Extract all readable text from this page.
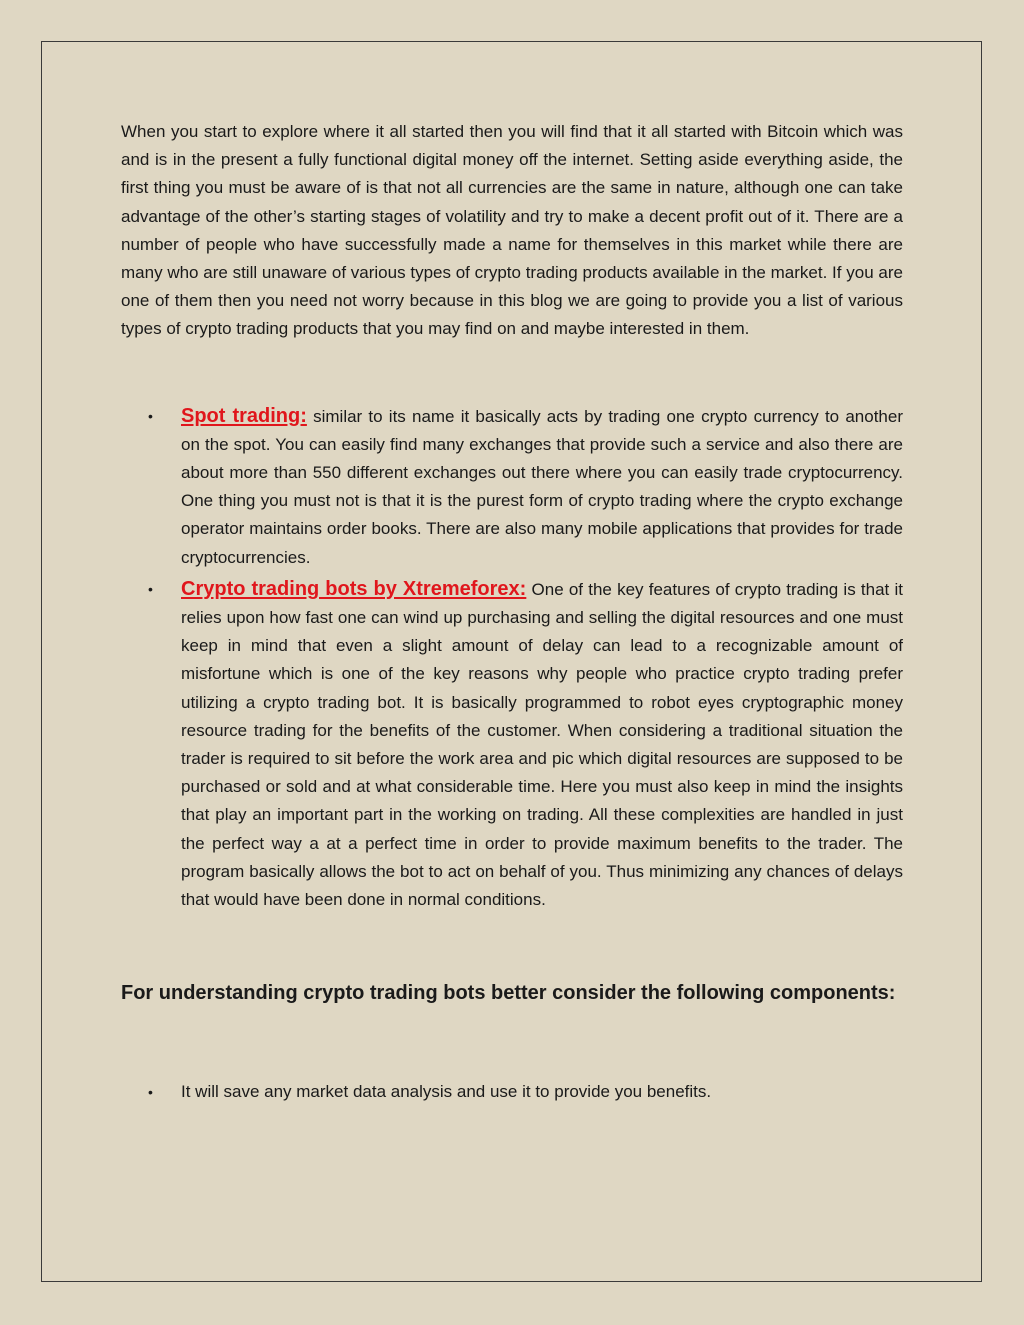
When you start to explore where it all started then you will find that it all started with Bitcoin which was and is in the present a fully functional digital money off the internet. Setting aside everything aside, the first thing you must be aware of is that not all currencies are the same in nature, although one can take advantage of the other’s starting stages of volatility and try to make a decent profit out of it. There are a number of people who have successfully made a name for themselves in this market while there are many who are still unaware of various types of crypto trading products available in the market. If you are one of them then you need not worry because in this blog we are going to provide you a list of various types of crypto trading products that you may find on and maybe interested in them.

• Spot trading: similar to its name it basically acts by trading one crypto currency to another on the spot. You can easily find many exchanges that provide such a service and also there are about more than 550 different exchanges out there where you can easily trade cryptocurrency. One thing you must not is that it is the purest form of crypto trading where the crypto exchange operator maintains order books. There are also many mobile applications that provides for trade cryptocurrencies.
• Crypto trading bots by Xtremeforex: One of the key features of crypto trading is that it relies upon how fast one can wind up purchasing and selling the digital resources and one must keep in mind that even a slight amount of delay can lead to a recognizable amount of misfortune which is one of the key reasons why people who practice crypto trading prefer utilizing a crypto trading bot. It is basically programmed to robot eyes cryptographic money resource trading for the benefits of the customer. When considering a traditional situation the trader is required to sit before the work area and pic which digital resources are supposed to be purchased or sold and at what considerable time. Here you must also keep in mind the insights that play an important part in the working on trading. All these complexities are handled in just the perfect way a at a perfect time in order to provide maximum benefits to the trader. The program basically allows the bot to act on behalf of you. Thus minimizing any chances of delays that would have been done in normal conditions.
For understanding crypto trading bots better consider the following components:
• It will save any market data analysis and use it to provide you benefits.
